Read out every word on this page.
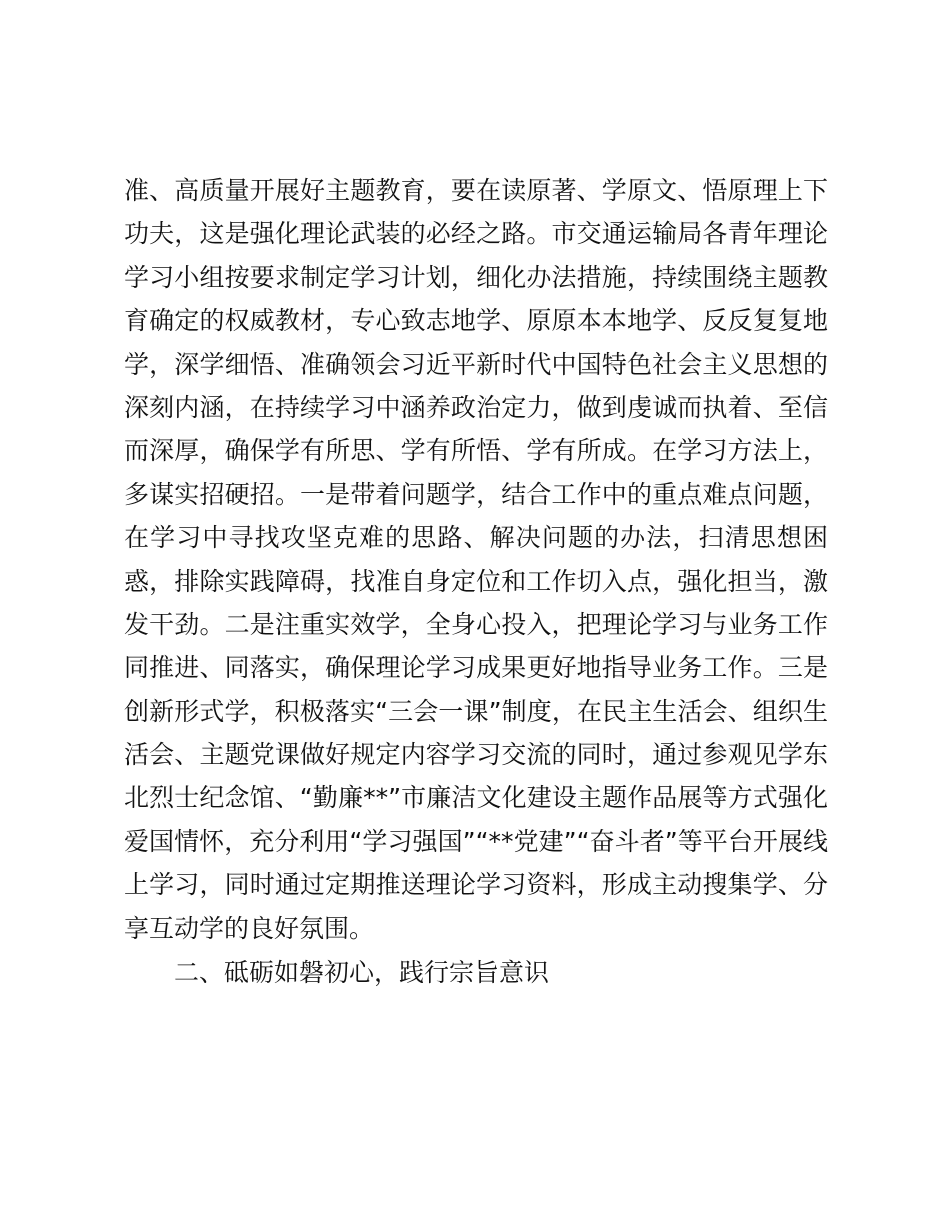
准、高质量开展好主题教育，要在读原著、学原文、悟原理上下
功夫，这是强化理论武装的必经之路。市交通运输局各青年理论
学习小组按要求制定学习计划，细化办法措施，持续围绕主题教
育确定的权威教材，专心致志地学、原原本本地学、反反复复地
学，深学细悟、准确领会习近平新时代中国特色社会主义思想的
深刻内涵，在持续学习中涵养政治定力，做到虔诚而执着、至信
而深厚，确保学有所思、学有所悟、学有所成。在学习方法上，
多谋实招硬招。一是带着问题学，结合工作中的重点难点问题，
在学习中寻找攻坚克难的思路、解决问题的办法，扫清思想困
惑，排除实践障碍，找准自身定位和工作切入点，强化担当，激
发干劲。二是注重实效学，全身心投入，把理论学习与业务工作
同推进、同落实，确保理论学习成果更好地指导业务工作。三是
创新形式学，积极落实“三会一课”制度，在民主生活会、组织生
活会、主题党课做好规定内容学习交流的同时，通过参观见学东
北烈士纪念馆、“勤廉**”市廉洁文化建设主题作品展等方式强化
爱国情怀，充分利用“学习强国”“**党建”“奋斗者”等平台开展线
上学习，同时通过定期推送理论学习资料，形成主动搜集学、分
享互动学的良好氛围。
二、砥砺如磐初心，践行宗旨意识
